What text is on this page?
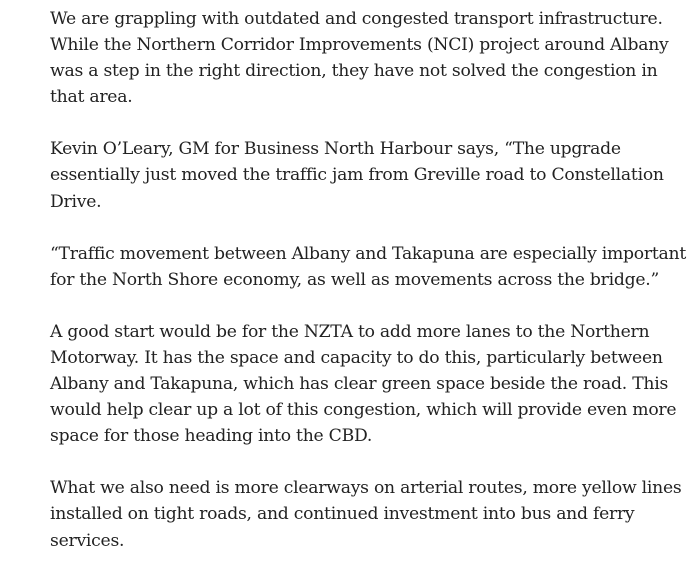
We are grappling with outdated and congested transport infrastructure.
While the Northern Corridor Improvements (NCI) project around Albany
was a step in the right direction, they have not solved the congestion in
that area.

Kevin O’Leary, GM for Business North Harbour says, “The upgrade
essentially just moved the traffic jam from Greville road to Constellation
Drive.

“Traffic movement between Albany and Takapuna are especially important
for the North Shore economy, as well as movements across the bridge.”

A good start would be for the NZTA to add more lanes to the Northern
Motorway. It has the space and capacity to do this, particularly between
Albany and Takapuna, which has clear green space beside the road. This
would help clear up a lot of this congestion, which will provide even more
space for those heading into the CBD.

What we also need is more clearways on arterial routes, more yellow lines
installed on tight roads, and continued investment into bus and ferry
services.
